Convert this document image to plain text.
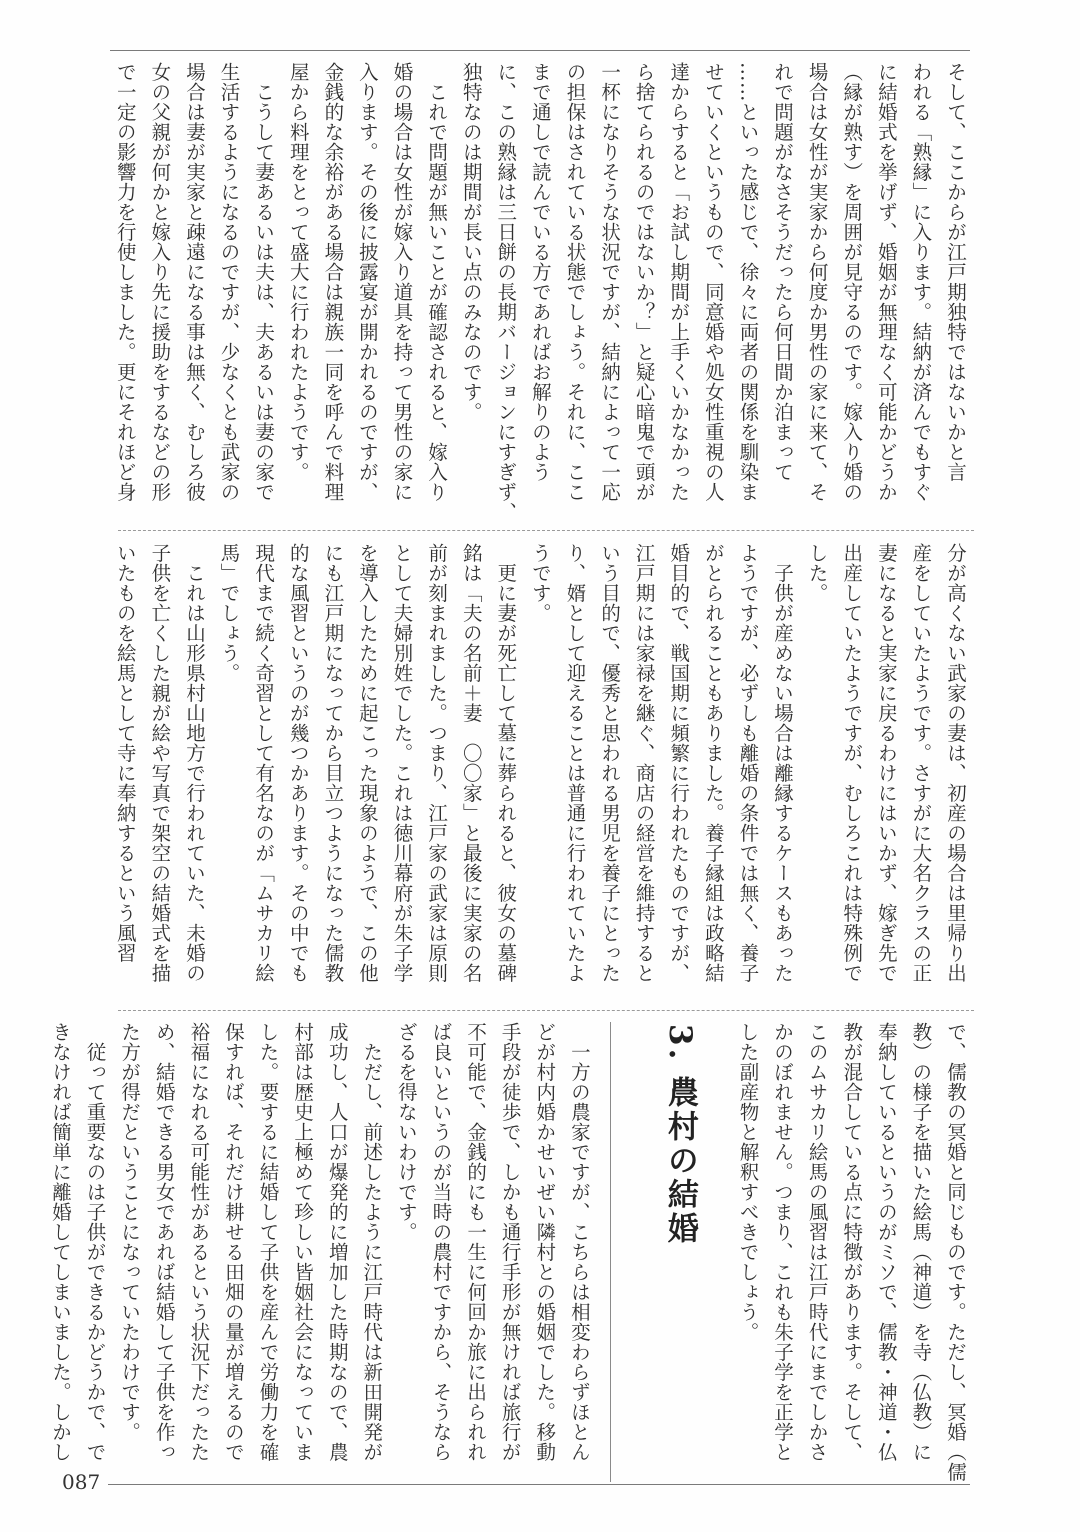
そして、ここからが江戸期独特ではないかと言
われる「熟縁」に入ります。結納が済んでもすぐ
に結婚式を挙げず、婚姻が無理なく可能かどうか
（縁が熟す）を周囲が見守るのです。嫁入り婚の
場合は女性が実家から何度か男性の家に来て、そ
れで問題がなさそうだったら何日間か泊まって
……といった感じで、徐々に両者の関係を馴染ま
せていくというもので、同意婚や処女性重視の人
達からすると「お試し期間が上手くいかなかった
ら捨てられるのではないか？」と疑心暗鬼で頭が
一杯になりそうな状況ですが、結納によって一応
の担保はされている状態でしょう。それに、ここ
まで通しで読んでいる方であればお解りのよう
に、この熟縁は三日餅の長期バージョンにすぎず、
独特なのは期間が長い点のみなのです。
　これで問題が無いことが確認されると、嫁入り
婚の場合は女性が嫁入り道具を持って男性の家に
入ります。その後に披露宴が開かれるのですが、
金銭的な余裕がある場合は親族一同を呼んで料理
屋から料理をとって盛大に行われたようです。
　こうして妻あるいは夫は、夫あるいは妻の家で
生活するようになるのですが、少なくとも武家の
場合は妻が実家と疎遠になる事は無く、むしろ彼
女の父親が何かと嫁入り先に援助をするなどの形
で一定の影響力を行使しました。更にそれほど身
分が高くない武家の妻は、初産の場合は里帰り出
産をしていたようです。さすがに大名クラスの正
妻になると実家に戻るわけにはいかず、嫁ぎ先で
出産していたようですが、むしろこれは特殊例で
した。
　子供が産めない場合は離縁するケースもあった
ようですが、必ずしも離婚の条件では無く、養子
がとられることもありました。養子縁組は政略結
婚目的で、戦国期に頻繁に行われたものですが、
江戸期には家禄を継ぐ、商店の経営を維持すると
いう目的で、優秀と思われる男児を養子にとった
り、婿として迎えることは普通に行われていたよ
うです。
　更に妻が死亡して墓に葬られると、彼女の墓碑
銘は「夫の名前＋妻　〇〇家」と最後に実家の名
前が刻まれました。つまり、江戸家の武家は原則
として夫婦別姓でした。これは徳川幕府が朱子学
を導入したために起こった現象のようで、この他
にも江戸期になってから目立つようになった儒教
的な風習というのが幾つかあります。その中でも
現代まで続く奇習として有名なのが「ムサカリ絵
馬」でしょう。
　これは山形県村山地方で行われていた、未婚の
子供を亡くした親が絵や写真で架空の結婚式を描
いたものを絵馬として寺に奉納するという風習
で、儒教の冥婚と同じものです。ただし、冥婚（儒
教）の様子を描いた絵馬（神道）を寺（仏教）に
奉納しているというのがミソで、儒教・神道・仏
教が混合している点に特徴があります。そして、
このムサカリ絵馬の風習は江戸時代にまでしかさ
かのぼれません。つまり、これも朱子学を正学と
した副産物と解釈すべきでしょう。
3. 農村の結婚
　一方の農家ですが、こちらは相変わらずほとん
どが村内婚かせいぜい隣村との婚姻でした。移動
手段が徒歩で、しかも通行手形が無ければ旅行が
不可能で、金銭的にも一生に何回か旅に出られれ
ば良いというのが当時の農村ですから、そうなら
ざるを得ないわけです。
　ただし、前述したように江戸時代は新田開発が
成功し、人口が爆発的に増加した時期なので、農
村部は歴史上極めて珍しい皆姻社会になっていま
した。要するに結婚して子供を産んで労働力を確
保すれば、それだけ耕せる田畑の量が増えるので
裕福になれる可能性があるという状況下だったた
め、結婚できる男女であれば結婚して子供を作っ
た方が得だということになっていたわけです。
　従って重要なのは子供ができるかどうかで、で
きなければ簡単に離婚してしまいました。しかし
087
